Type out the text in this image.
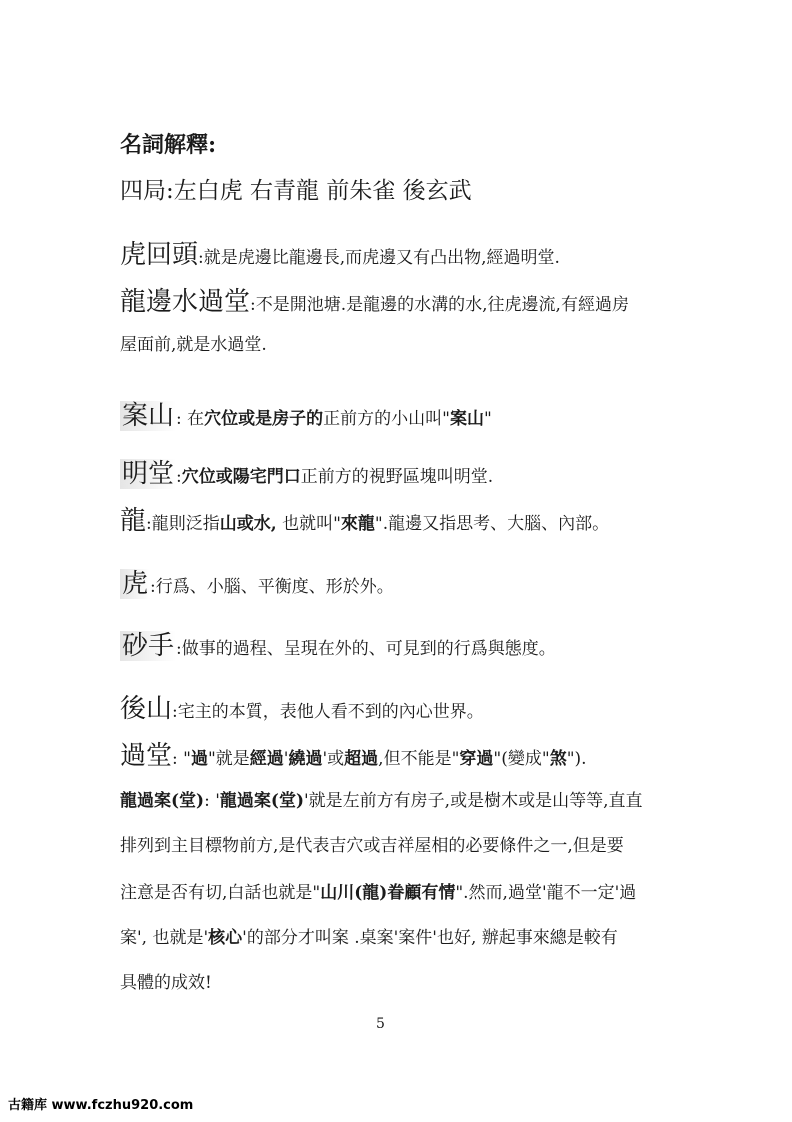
名詞解釋:
四局:左白虎 右青龍 前朱雀 後玄武
虎回頭:就是虎邊比龍邊長,而虎邊又有凸出物,經過明堂.
龍邊水過堂:不是開池塘.是龍邊的水溝的水,往虎邊流,有經過房
屋面前,就是水過堂.
案山 : 在穴位或是房子的正前方的小山叫"案山"
明堂 :穴位或陽宅門口正前方的視野區塊叫明堂.
龍:龍則泛指山或水, 也就叫"來龍".龍邊又指思考、大腦、內部。
虎 :行爲、小腦、平衡度、形於外。
砂手 :做事的過程、呈現在外的、可見到的行爲與態度。
後山:宅主的本質，表他人看不到的內心世界。
過堂: "過"就是經過'繞過'或超過,但不能是"穿過"(變成"煞").
龍過案(堂): '龍過案(堂)'就是左前方有房子,或是樹木或是山等等,直直
排列到主目標物前方,是代表吉穴或吉祥屋相的必要條件之一,但是要
注意是否有切,白話也就是"山川(龍)眷顧有情".然而,過堂'龍不一定'過
案', 也就是'核心'的部分才叫案 .桌案'案件'也好, 辦起事來總是較有
具體的成效!
5
古籍库 www.fczhu920.com
